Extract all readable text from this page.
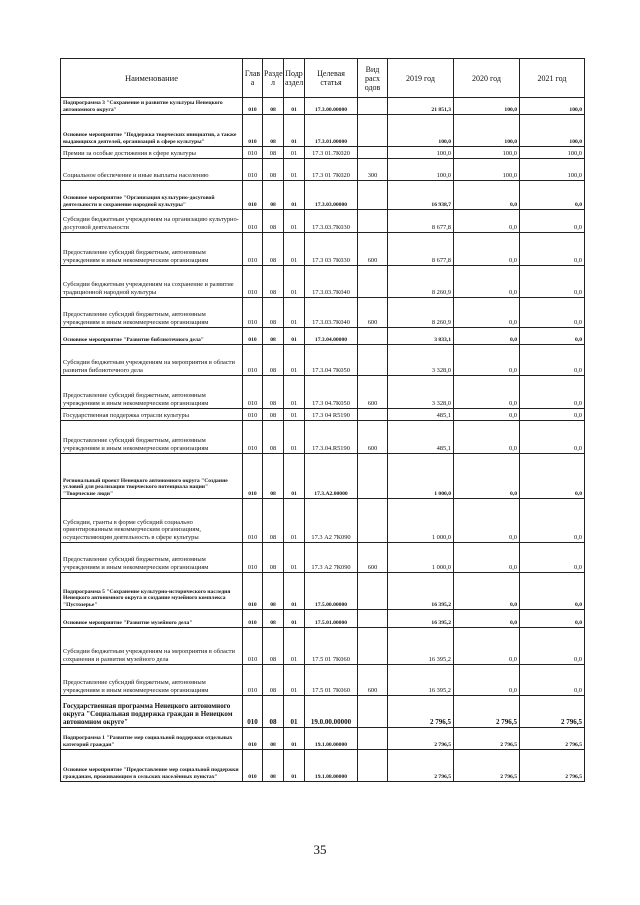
Наименование	Глав а	Разде л	Подр аздел	Целевая статья	Вид расх одов	2019 год	2020 год	2021 год
Подпрограмма 3 "Сохранение и развитие культуры Ненецкого автономного округа"	010	08	01	17.3.00.00000		21 851,3	100,0	100,0
Основное мероприятие "Поддержка творческих инициатив, а также выдающихся деятелей, организаций в сфере культуры"	010	08	01	17.3.01.00000		100,0	100,0	100,0
Премии за особые достижения в сфере культуры	010	08	01	17.3 01.7К020		100,0	100,0	100,0
Социальное обеспечение и иные выплаты населению	010	08	01	17.3 01 7К020	300	100,0	100,0	100,0
Основное мероприятие "Организация культурно-досуговой деятельности и сохранение народной культуры"	010	08	01	17.3.03.00000		16 938,7	0,0	0,0
Субсидии бюджетным учреждениям на организацию культурно-досуговой деятельности	010	08	01	17.3.03.7К030		8 677,8	0,0	0,0
Предоставление субсидий бюджетным, автономным учреждениям и иным некоммерческим организациям	010	08	01	17.3 03 7К030	600	8 677,8	0,0	0,0
Субсидии бюджетным учреждениям на сохранение и развитие традиционной народной культуры	010	08	01	17.3.03.7К040		8 260,9	0,0	0,0
Предоставление субсидий бюджетным, автономным учреждениям и иным некоммерческим организациям	010	08	01	17.3.03.7К040	600	8 260,9	0,0	0,0
Основное мероприятие "Развитие библиотечного дела"	010	08	01	17.3.04.00000		3 833,1	0,0	0,0
Субсидии бюджетным учреждениям на мероприятия в области развития библиотечного дела	010	08	01	17.3.04 7К050		3 328,0	0,0	0,0
Предоставление субсидий бюджетным, автономным учреждениям и иным некоммерческим организациям	010	08	01	17.3 04.7К050	600	3 328,0	0,0	0,0
Государственная поддержка отрасли культуры	010	08	01	17.3 04 R5190		485,1	0,0	0,0
Предоставление субсидий бюджетным, автономным учреждениям и иным некоммерческим организациям	010	08	01	17.3.04.R5190	600	485,1	0,0	0,0
Региональный проект Ненецкого автономного округа "Создание условий для реализации творческого потенциала нации" "Творческие люди"	010	08	01	17.3.А2.00000		1 000,0	0,0	0,0
Субсидии, гранты в форме субсидий социально ориентированным некоммерческим организациям, осуществляющим деятельность в сфере культуры	010	08	01	17.3 А2 7К090		1 000,0	0,0	0,0
Предоставление субсидий бюджетным, автономным учреждениям и иным некоммерческим организациям	010	08	01	17.3 А2 7К090	600	1 000,0	0,0	0,0
Подпрограмма 5 "Сохранение культурно-исторического наследия Ненецкого автономного округа и создание музейного комплекса "Пустозерье"	010	08	01	17.5.00.00000		16 395,2	0,0	0,0
Основное мероприятие "Развитие музейного дела"	010	08	01	17.5.01.00000		16 395,2	0,0	0,0
Субсидии бюджетным учреждениям на мероприятия в области сохранения и развития музейного дела	010	08	01	17.5 01 7К060		16 395,2	0,0	0,0
Предоставление субсидий бюджетным, автономным учреждениям и иным некоммерческим организациям	010	08	01	17.5 01 7К060	600	16 395,2	0,0	0,0
Государственная программа Ненецкого автономного округа "Социальная поддержка граждан в Ненецком автономном округе"	010	08	01	19.0.00.00000		2 796,5	2 796,5	2 796,5
Подпрограмма 1 "Развитие мер социальной поддержки отдельных категорий граждан"	010	08	01	19.1.00.00000		2 796,5	2 796,5	2 796,5
Основное мероприятие "Предоставление мер социальной поддержки гражданам, проживающим в сельских населённых пунктах"	010	08	01	19.1.08.00000		2 796,5	2 796,5	2 796,5
35
